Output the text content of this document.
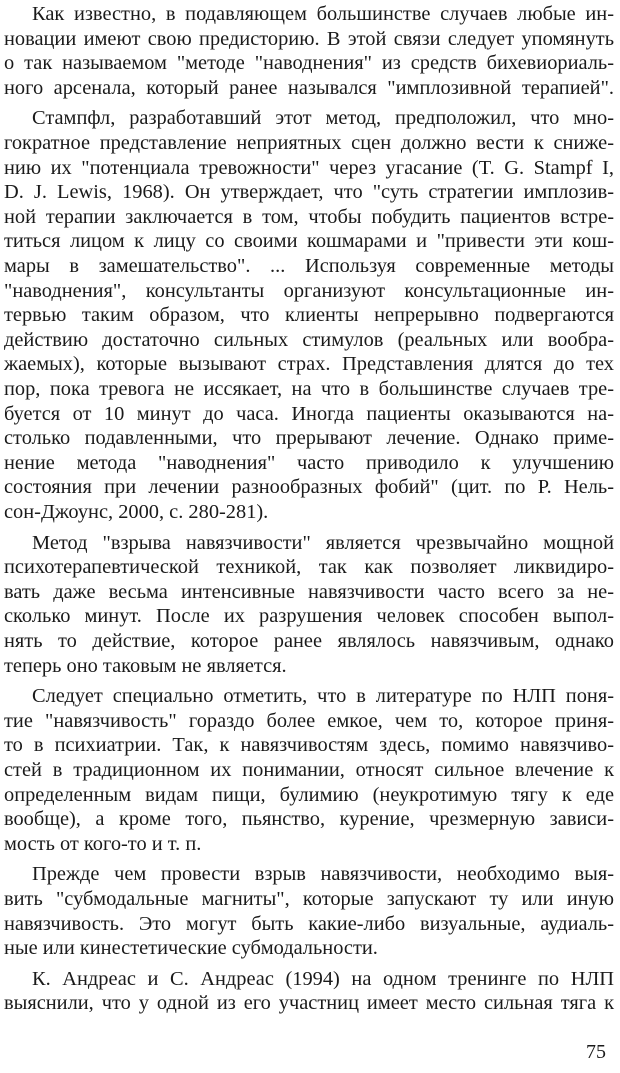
Как известно, в подавляющем большинстве случаев любые ин-
новации имеют свою предисторию. В этой связи следует упомянуть
о так называемом "методе "наводнения" из средств бихевиориаль-
ного арсенала, который ранее назывался "имплозивной терапией".
Стампфл, разработавший этот метод, предположил, что мно-
гократное представление неприятных сцен должно вести к сниже-
нию их "потенциала тревожности" через угасание (T. G. Stampf I,
D. J. Lewis, 1968). Он утверждает, что "суть стратегии имплозив-
ной терапии заключается в том, чтобы побудить пациентов встре-
титься лицом к лицу со своими кошмарами и "привести эти кош-
мары в замешательство". ... Используя современные методы
"наводнения", консультанты организуют консультационные ин-
тервью таким образом, что клиенты непрерывно подвергаются
действию достаточно сильных стимулов (реальных или вообра-
жаемых), которые вызывают страх. Представления длятся до тех
пор, пока тревога не иссякает, на что в большинстве случаев тре-
буется от 10 минут до часа. Иногда пациенты оказываются на-
столько подавленными, что прерывают лечение. Однако приме-
нение метода "наводнения" часто приводило к улучшению
состояния при лечении разнообразных фобий" (цит. по Р. Нель-
сон-Джоунс, 2000, с. 280-281).
Метод "взрыва навязчивости" является чрезвычайно мощной
психотерапевтической техникой, так как позволяет ликвидиро-
вать даже весьма интенсивные навязчивости часто всего за не-
сколько минут. После их разрушения человек способен выпол-
нять то действие, которое ранее являлось навязчивым, однако
теперь оно таковым не является.
Следует специально отметить, что в литературе по НЛП поня-
тие "навязчивость" гораздо более емкое, чем то, которое приня-
то в психиатрии. Так, к навязчивостям здесь, помимо навязчиво-
стей в традиционном их понимании, относят сильное влечение к
определенным видам пищи, булимию (неукротимую тягу к еде
вообще), а кроме того, пьянство, курение, чрезмерную зависи-
мость от кого-то и т. п.
Прежде чем провести взрыв навязчивости, необходимо выя-
вить "субмодальные магниты", которые запускают ту или иную
навязчивость. Это могут быть какие-либо визуальные, аудиаль-
ные или кинестетические субмодальности.
К. Андреас и С. Андреас (1994) на одном тренинге по НЛП
выяснили, что у одной из его участниц имеет место сильная тяга к
75
